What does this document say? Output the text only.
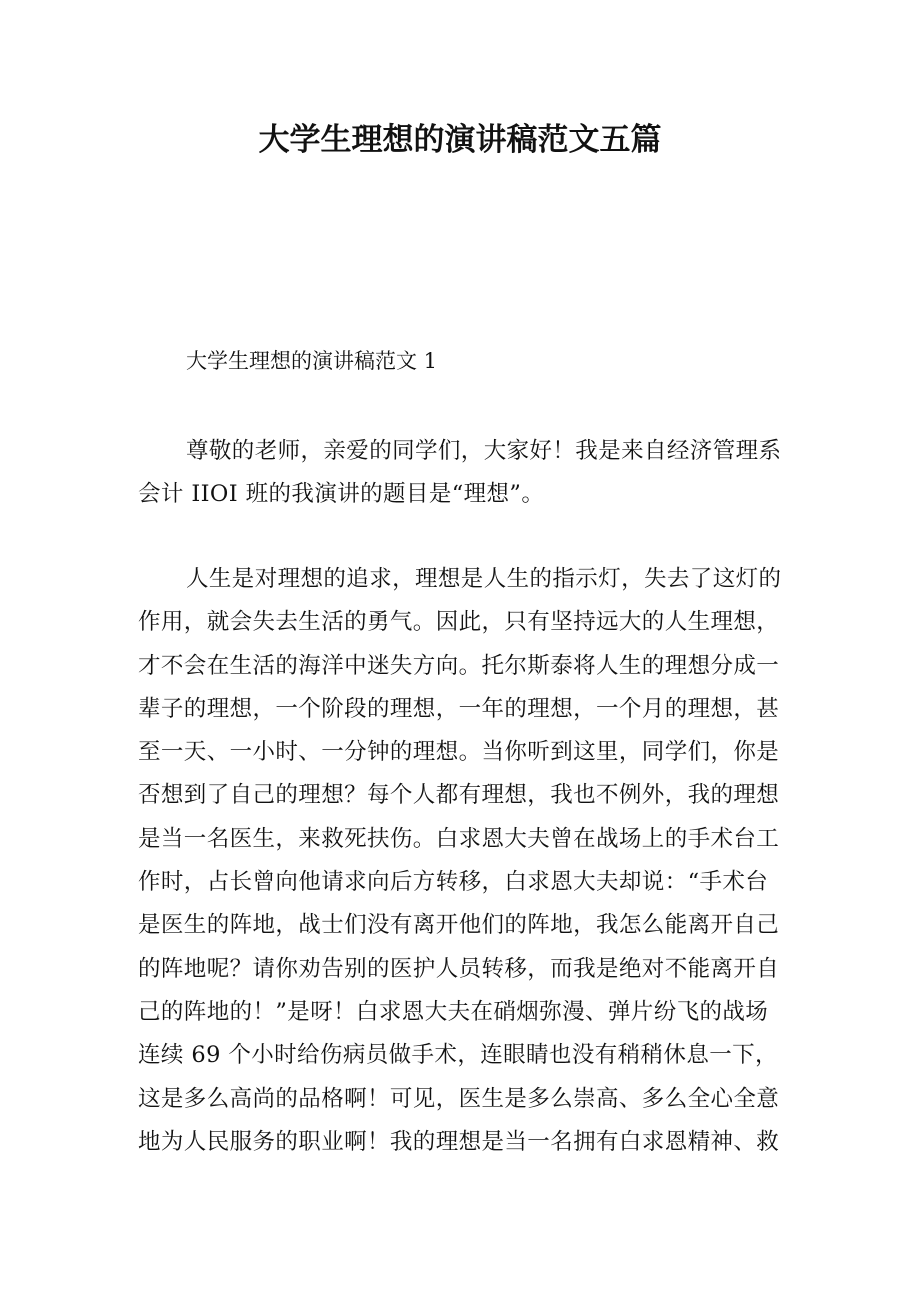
大学生理想的演讲稿范文五篇

大学生理想的演讲稿范文 1

尊敬的老师，亲爱的同学们，大家好！我是来自经济管理系
会计 IIOI 班的我演讲的题目是“理想”。
人生是对理想的追求，理想是人生的指示灯，失去了这灯的
作用，就会失去生活的勇气。因此，只有坚持远大的人生理想，
才不会在生活的海洋中迷失方向。托尔斯泰将人生的理想分成一
辈子的理想，一个阶段的理想，一年的理想，一个月的理想，甚
至一天、一小时、一分钟的理想。当你听到这里，同学们，你是
否想到了自己的理想？每个人都有理想，我也不例外，我的理想
是当一名医生，来救死扶伤。白求恩大夫曾在战场上的手术台工
作时，占长曾向他请求向后方转移，白求恩大夫却说：“手术台
是医生的阵地，战士们没有离开他们的阵地，我怎么能离开自己
的阵地呢？请你劝告别的医护人员转移，而我是绝对不能离开自
己的阵地的！”是呀！白求恩大夫在硝烟弥漫、弹片纷飞的战场
连续 69 个小时给伤病员做手术，连眼睛也没有稍稍休息一下，
这是多么高尚的品格啊！可见，医生是多么崇高、多么全心全意
地为人民服务的职业啊！我的理想是当一名拥有白求恩精神、救
